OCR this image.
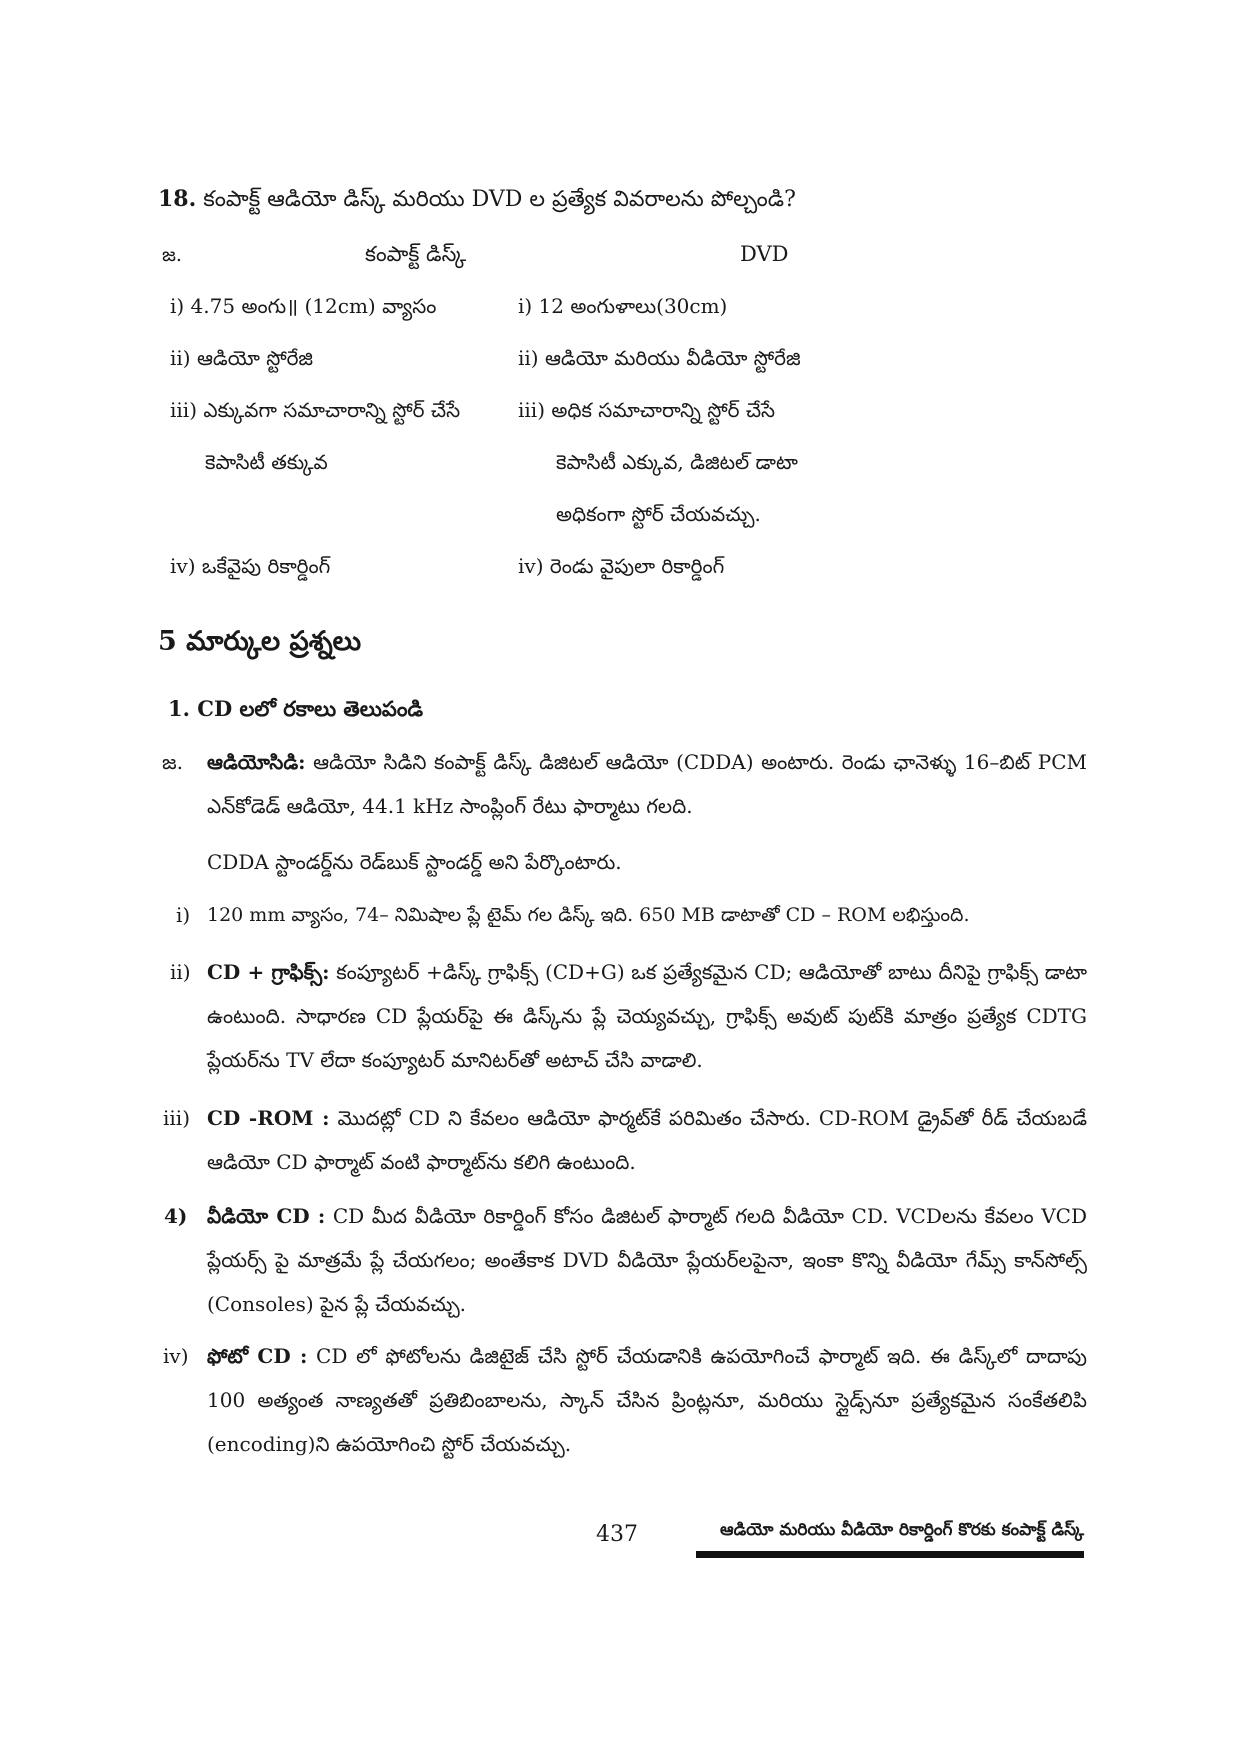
18. కంపాక్ట్ ఆడియో డిస్క్ మరియు DVD ల ప్రత్యేక వివరాలను పోల్చండి?
జ.	కంపాక్ట్ డిస్క్	DVD
i) 4.75 అంగు॥ (12cm) వ్యాసం	i) 12 అంగుళాలు(30cm)
ii) ఆడియో స్టోరేజి	ii) ఆడియో మరియు వీడియో స్టోరేజి
iii) ఎక్కువగా సమాచారాన్ని స్టోర్ చేసే	iii) అధిక సమాచారాన్ని స్టోర్ చేసే
కెపాసిటీ తక్కువ	కెపాసిటీ ఎక్కువ, డిజిటల్ డాటా
అధికంగా స్టోర్ చేయవచ్చు.
iv) ఒకేవైపు రికార్డింగ్	iv) రెండు వైపులా రికార్డింగ్
5 మార్కుల ప్రశ్నలు
1. CD లలో రకాలు తెలుపండి
జ. ఆడియోసిడి: ఆడియో సిడిని కంపాక్ట్ డిస్క్ డిజిటల్ ఆడియో (CDDA) అంటారు. రెండు ఛానెళ్ళు 16–బిట్ PCM ఎన్‌కోడెడ్ ఆడియో, 44.1 kHz సాంప్లింగ్ రేటు ఫార్మాటు గలది.
CDDA స్టాండర్డ్‌ను రెడ్‌బుక్ స్టాండర్డ్ అని పేర్కొంటారు.
i) 120 mm వ్యాసం, 74– నిమిషాల ప్లే టైమ్ గల డిస్క్ ఇది. 650 MB డాటాతో CD – ROM లభిస్తుంది.
ii) CD + గ్రాఫిక్స్: కంప్యూటర్ +డిస్క్ గ్రాఫిక్స్ (CD+G) ఒక ప్రత్యేకమైన CD; ఆడియోతో బాటు దీనిపై గ్రాఫిక్స్ డాటా ఉంటుంది. సాధారణ CD ప్లేయర్‌పై ఈ డిస్క్‌ను ప్లే చెయ్యవచ్చు, గ్రాఫిక్స్ అవుట్ పుట్‌కి మాత్రం ప్రత్యేక CDTG ప్లేయర్‌ను TV లేదా కంప్యూటర్ మానిటర్‌తో అటాచ్ చేసి వాడాలి.
iii) CD -ROM : మొదట్లో CD ని కేవలం ఆడియో ఫార్మట్‌కే పరిమితం చేసారు. CD-ROM డ్రైవ్‌తో రీడ్ చేయబడే ఆడియో CD ఫార్మాట్ వంటి ఫార్మాట్‌ను కలిగి ఉంటుంది.
4) వీడియో CD : CD మీద వీడియో రికార్డింగ్ కోసం డిజిటల్ ఫార్మాట్ గలది వీడియో CD. VCDలను కేవలం VCD ప్లేయర్స్ పై మాత్రమే ప్లే చేయగలం; అంతేకాక DVD వీడియో ప్లేయర్‌లపైనా, ఇంకా కొన్ని వీడియో గేమ్స్ కాన్‌సోల్స్ (Consoles) పైన ప్లే చేయవచ్చు.
iv) ఫోటో CD : CD లో ఫోటోలను డిజిటైజ్ చేసి స్టోర్ చేయడానికి ఉపయోగించే ఫార్మాట్ ఇది. ఈ డిస్క్‌లో దాదాపు 100 అత్యంత నాణ్యతతో ప్రతిబింబాలను, స్కాన్ చేసిన ప్రింట్లనూ, మరియు స్లైడ్స్‌నూ ప్రత్యేకమైన సంకేతలిపి (encoding)ని ఉపయోగించి స్టోర్ చేయవచ్చు.
437	ఆడియో మరియు వీడియో రికార్డింగ్ కొరకు కంపాక్ట్ డిస్క్
